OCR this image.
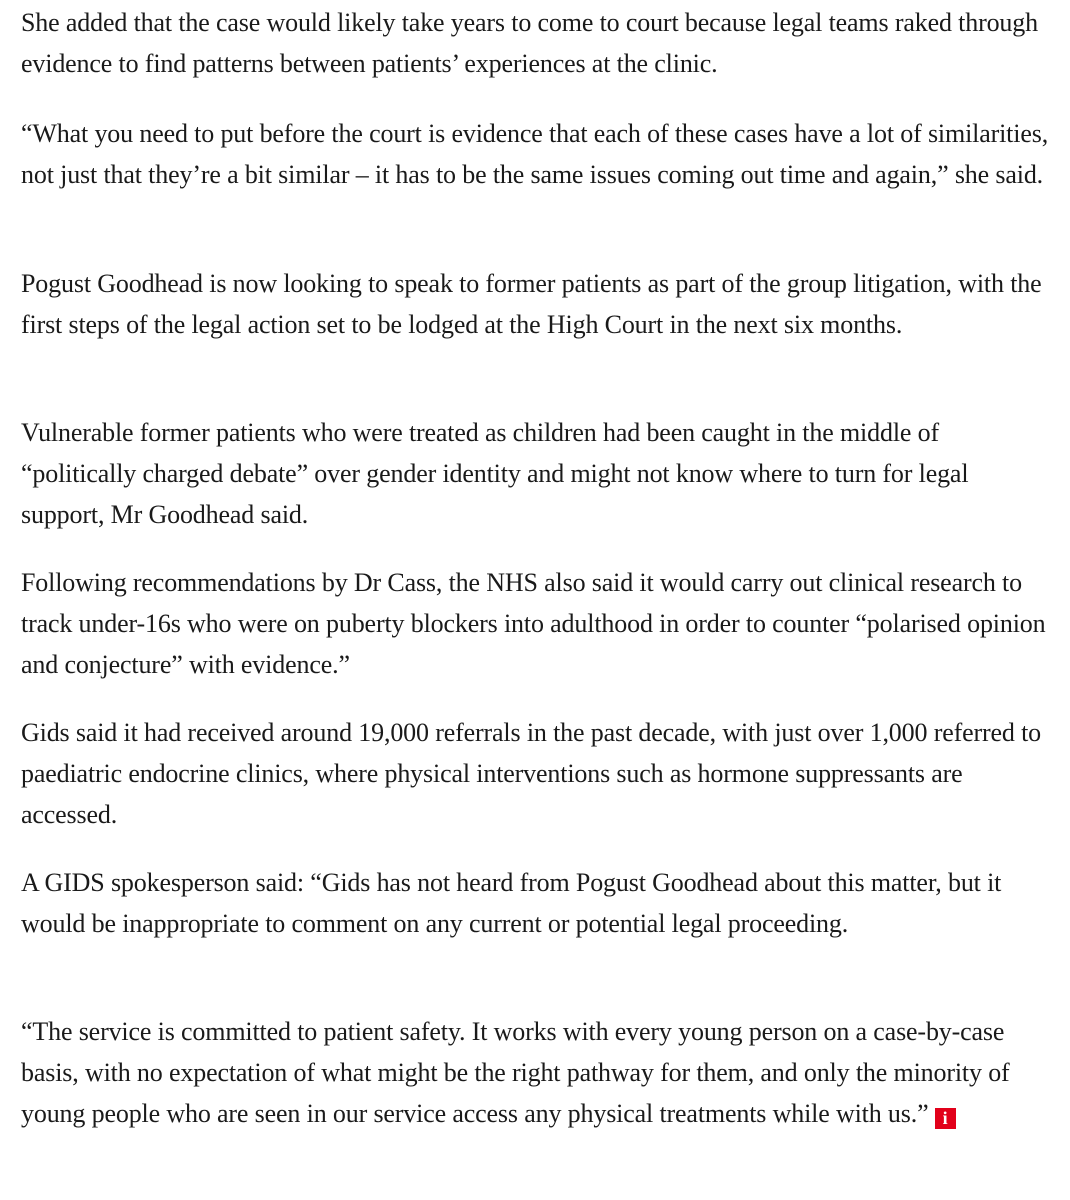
She added that the case would likely take years to come to court because legal teams raked through evidence to find patterns between patients’ experiences at the clinic.

“What you need to put before the court is evidence that each of these cases have a lot of similarities, not just that they’re a bit similar – it has to be the same issues coming out time and again,” she said.

Pogust Goodhead is now looking to speak to former patients as part of the group litigation, with the first steps of the legal action set to be lodged at the High Court in the next six months.

Vulnerable former patients who were treated as children had been caught in the middle of “politically charged debate” over gender identity and might not know where to turn for legal support, Mr Goodhead said.

Following recommendations by Dr Cass, the NHS also said it would carry out clinical research to track under-16s who were on puberty blockers into adulthood in order to counter “polarised opinion and conjecture” with evidence.”

Gids said it had received around 19,000 referrals in the past decade, with just over 1,000 referred to paediatric endocrine clinics, where physical interventions such as hormone suppressants are accessed.

A GIDS spokesperson said: “Gids has not heard from Pogust Goodhead about this matter, but it would be inappropriate to comment on any current or potential legal proceeding.

“The service is committed to patient safety. It works with every young person on a case-by-case basis, with no expectation of what might be the right pathway for them, and only the minority of young people who are seen in our service access any physical treatments while with us.” i
